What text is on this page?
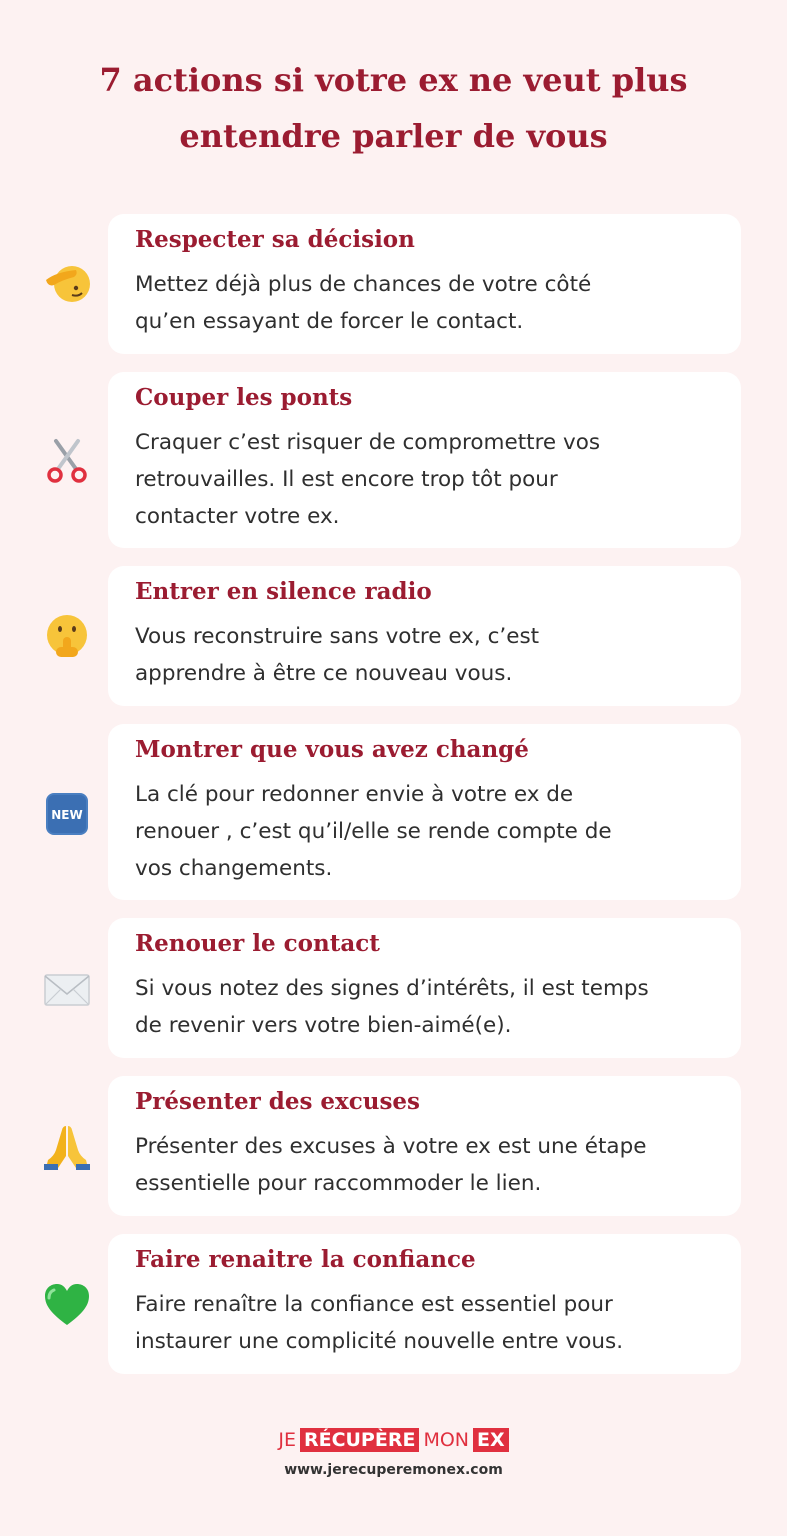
7 actions si votre ex ne veut plus
entendre parler de vous
Respecter sa décision
Mettez déjà plus de chances de votre côté
qu’en essayant de forcer le contact.
Couper les ponts
Craquer c’est risquer de compromettre vos
retrouvailles. Il est encore trop tôt pour
contacter votre ex.
Entrer en silence radio
Vous reconstruire sans votre ex, c’est
apprendre à être ce nouveau vous.
NEW
Montrer que vous avez changé
La clé pour redonner envie à votre ex de
renouer , c’est qu’il/elle se rende compte de
vos changements.
Renouer le contact
Si vous notez des signes d’intérêts, il est temps
de revenir vers votre bien-aimé(e).
Présenter des excuses
Présenter des excuses à votre ex est une étape
essentielle pour raccommoder le lien.
Faire renaitre la confiance
Faire renaître la confiance est essentiel pour
instaurer une complicité nouvelle entre vous.
JE RÉCUPÈRE MON EX
www.jerecuperemonex.com
